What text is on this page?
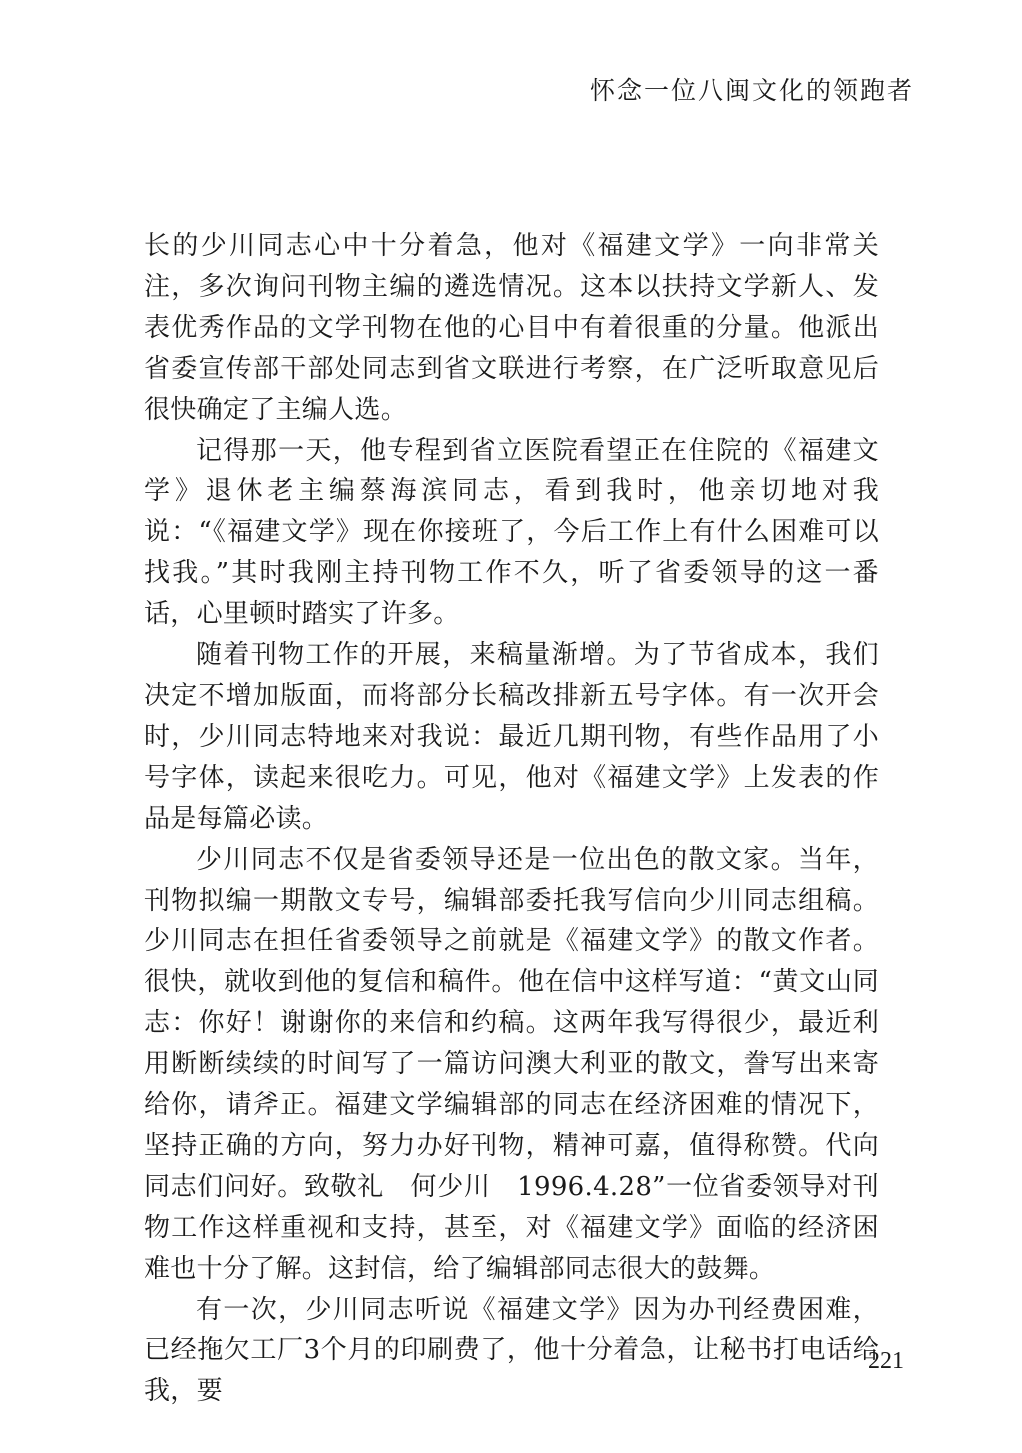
怀念一位八闽文化的领跑者

长的少川同志心中十分着急，他对《福建文学》一向非常关注，多次询问刊物主编的遴选情况。这本以扶持文学新人、发表优秀作品的文学刊物在他的心目中有着很重的分量。他派出省委宣传部干部处同志到省文联进行考察，在广泛听取意见后很快确定了主编人选。

记得那一天，他专程到省立医院看望正在住院的《福建文学》退休老主编蔡海滨同志，看到我时，他亲切地对我说：“《福建文学》现在你接班了，今后工作上有什么困难可以找我。”其时我刚主持刊物工作不久，听了省委领导的这一番话，心里顿时踏实了许多。

随着刊物工作的开展，来稿量渐增。为了节省成本，我们决定不增加版面，而将部分长稿改排新五号字体。有一次开会时，少川同志特地来对我说：最近几期刊物，有些作品用了小号字体，读起来很吃力。可见，他对《福建文学》上发表的作品是每篇必读。

少川同志不仅是省委领导还是一位出色的散文家。当年，刊物拟编一期散文专号，编辑部委托我写信向少川同志组稿。少川同志在担任省委领导之前就是《福建文学》的散文作者。很快，就收到他的复信和稿件。他在信中这样写道：“黄文山同志：你好！谢谢你的来信和约稿。这两年我写得很少，最近利用断断续续的时间写了一篇访问澳大利亚的散文，誊写出来寄给你，请斧正。福建文学编辑部的同志在经济困难的情况下，坚持正确的方向，努力办好刊物，精神可嘉，值得称赞。代向同志们问好。致敬礼　何少川　1996.4.28”一位省委领导对刊物工作这样重视和支持，甚至，对《福建文学》面临的经济困难也十分了解。这封信，给了编辑部同志很大的鼓舞。

有一次，少川同志听说《福建文学》因为办刊经费困难，已经拖欠工厂3个月的印刷费了，他十分着急，让秘书打电话给我，要

221
